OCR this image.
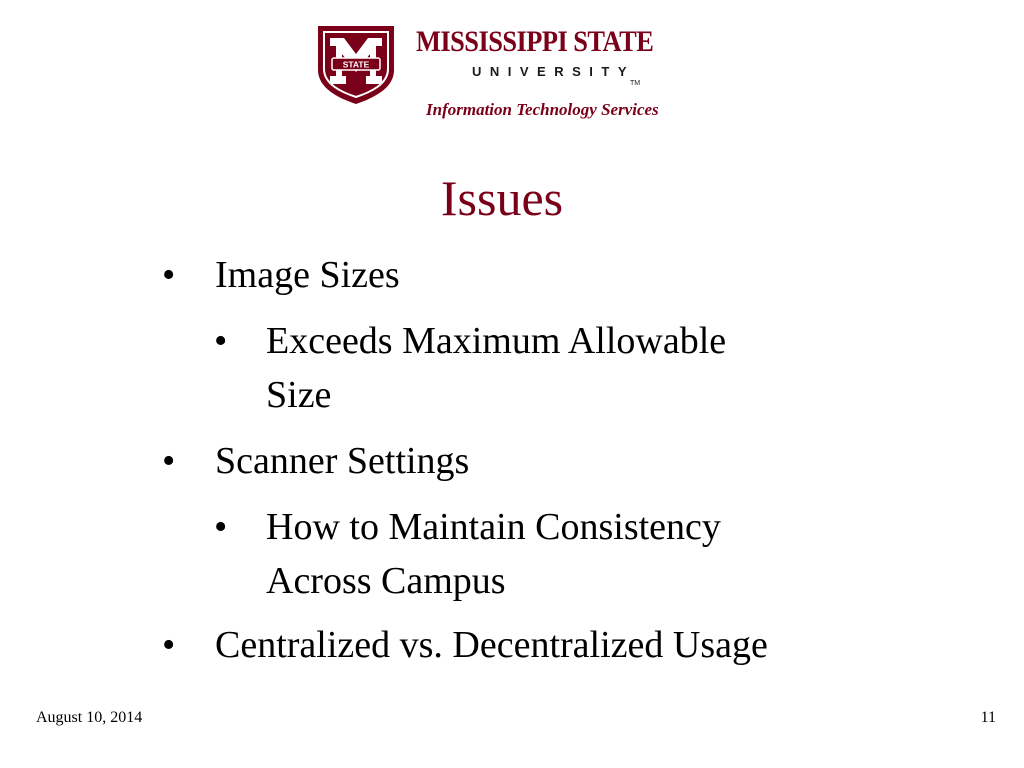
STATE
MISSISSIPPI STATE
UNIVERSITY
TM
Information Technology Services
Issues
• Image Sizes
• Exceeds Maximum Allowable
Size
• Scanner Settings
• How to Maintain Consistency
Across Campus
• Centralized vs. Decentralized Usage
August 10, 2014	11
